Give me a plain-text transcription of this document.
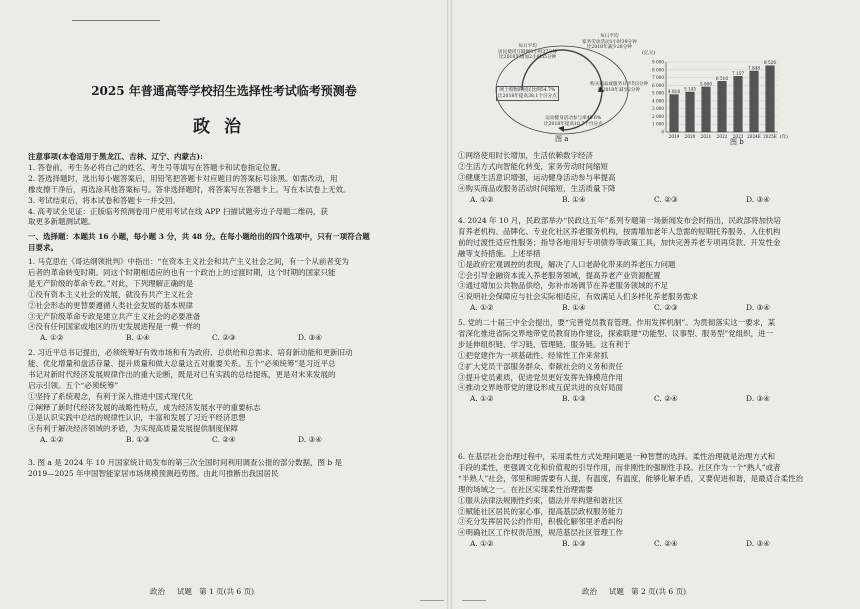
2025 年普通高等学校招生选择性考试临考预测卷
政治
注意事项(本卷适用于黑龙江、吉林、辽宁、内蒙古):
1. 答卷前，考生务必将自己的姓名、考生号等填写在答题卡和试卷指定位置。
2. 答选择题时，选出每小题答案后，用铅笔把答题卡对应题目的答案标号涂黑。如需改动，用
橡皮擦干净后，再选涂其他答案标号。答非选择题时，将答案写在答题卡上。写在本试卷上无效。
3. 考试结束后，将本试卷和答题卡一并交回。
4. 高考试全见证：正版临考预测卷用户使用考试在线 APP 扫描试题旁边子母题二维码，获
取更多新题测试题。
一、选择题：本题共 16 小题，每小题 3 分，共 48 分。在每小题给出的四个选项中，只有一项符合题
目要求。
1. 马克思在《哥达纲领批判》中指出：“在资本主义社会和共产主义社会之间，有一个从前者变为
后者的革命转变时期。同这个时期相适应的也有一个政治上的过渡时期，这个时期的国家只能
是无产阶级的革命专政。”对此，下列理解正确的是
①没有资本主义社会的发展，就没有共产主义社会
②社会形态的更替要遵循人类社会发展的基本规律
③无产阶级革命专政是建立共产主义社会的必要准备
④没有任何国家或地区的历史发展进程是一模一样的
A. ①②	B. ①④	C. ②③	D. ③④
2. 习近平总书记提出，必须统筹好有效市场和有为政府、总供给和总需求、培育新动能和更新旧动
能、优化增量和盘活存量、提升质量和做大总量这五对重要关系。五个“必须统筹”是习近平总
书记对新时代经济发展规律作出的重大论断，既是对已有实践的总结提炼，更是对未来发展的
启示引领。五个“必须统筹”
①坚持了系统观念，有利于深入推进中国式现代化
②阐释了新时代经济发展的战略性特点，成为经济发展水平的重要标志
③是认识实践中总结的规律性认识，丰富和发展了习近平经济思想
④有利于解决经济领域的矛盾，为实现高质量发展提供制度保障
A. ①②	B. ①③	C. ②④	D. ③④
3. 图 a 是 2024 年 10 月国家统计局发布的第三次全国时间利用调查公报的部分数据，图 b 是
2019—2025 年中国智能家居市场规模预测趋势图。由此可推断出我国居民
政治 试题 第 1 页(共 6 页)
每日平均
居民使用互联网5小时37分钟
比2018年增加2小时55分钟
每日平均
家务劳动活动1小时39分钟
比2018年减少28分钟
网上购物的居民比例54.7%
比2018年提高38.1个百分点
购买商品或服务日平均3分钟
比2018年减少2分钟
运动健身活动参与率49.6%
比2018年提高18.7个百分点
图 a
(亿元)
0
1 000
2 000
3 000
4 000
5 000
6 000
7 000
8 000
9 000
4 818
2019
5 145
2020
5 800
2021
6 516
2022
7 157
2023
7 848
2024E
8 526
2025E (年)
图 b
①网络使用时长增加，生活依赖数字经济
②生活方式向智能化转变，家务劳动时间缩短
③健康生活意识增强，运动健身活动参与率提高
④购买商品或服务活动时间缩短，生活质量下降
A. ①②	B. ①④	C. ②③	D. ③④
4. 2024 年 10 月，民政部举办“民政这五年”系列专题第一场新闻发布会时指出，民政部将加快培
育养老机构、品牌化、专业化社区养老服务机构，按需增加老年人急需的短期托养服务、入住机构
前的过渡性适应性服务；指导各地用好专项债券等政策工具，加快完善养老专项再贷款、开发性金
融等支持措施。上述举措
①是政府宏观调控的表现，解决了人口老龄化带来的养老压力问题
②会引导金融资本流入养老服务领域，提高养老产业资源配置
③通过增加公共物品供给，弥补市场调节在养老服务领域的不足
④说明社会保障应与社会实际相适应，有效满足人们多样化养老服务需求
A. ①②	B. ①④	C. ②③	D. ③④
5. 党的二十届三中全会提出，要“完善党员教育管理、作用发挥机制”。为贯彻落实这一要求，某
省深化推进省际交界地带党员教育协作建设，探索联建“功能型、议事型、服务型”党组织，进一
步延伸组织链、学习链、管理链、服务链。这有利于
①把党建作为一项基础性、经常性工作来常抓
②扩大党员干部服务群众、奉献社会的义务和责任
③提升党员素质，促进党员更好发挥先锋模范作用
④推动交界地带党的建设形成互促共进的良好局面
A. ①②	B. ①③	C. ②④	D. ③④
6. 在基层社会治理过程中，采用柔性方式处理问题是一种智慧的选择。柔性治理就是治理方式和
手段的柔性，更强调文化和价值观的引导作用，而非刚性的强制性手段。社区作为一个“熟人”或者
“半熟人”社会，邻里和睦需要有人提，有温度，有温度，能够化解矛盾，又要促进和谐，是最适合柔性治
理的场域之一。在社区实现柔性治理需要
①服从法律法规刚性约束，德法并举构建和谐社区
②赋能社区居民的家心事，提高基层政权服务能力
③充分发挥居民公约作用，积极化解邻里矛盾纠纷
④明确社区工作权责范围，规范基层社区管理工作
A. ①②	B. ①③	C. ②④	D. ③④
政治 试题 第 2 页(共 6 页)
